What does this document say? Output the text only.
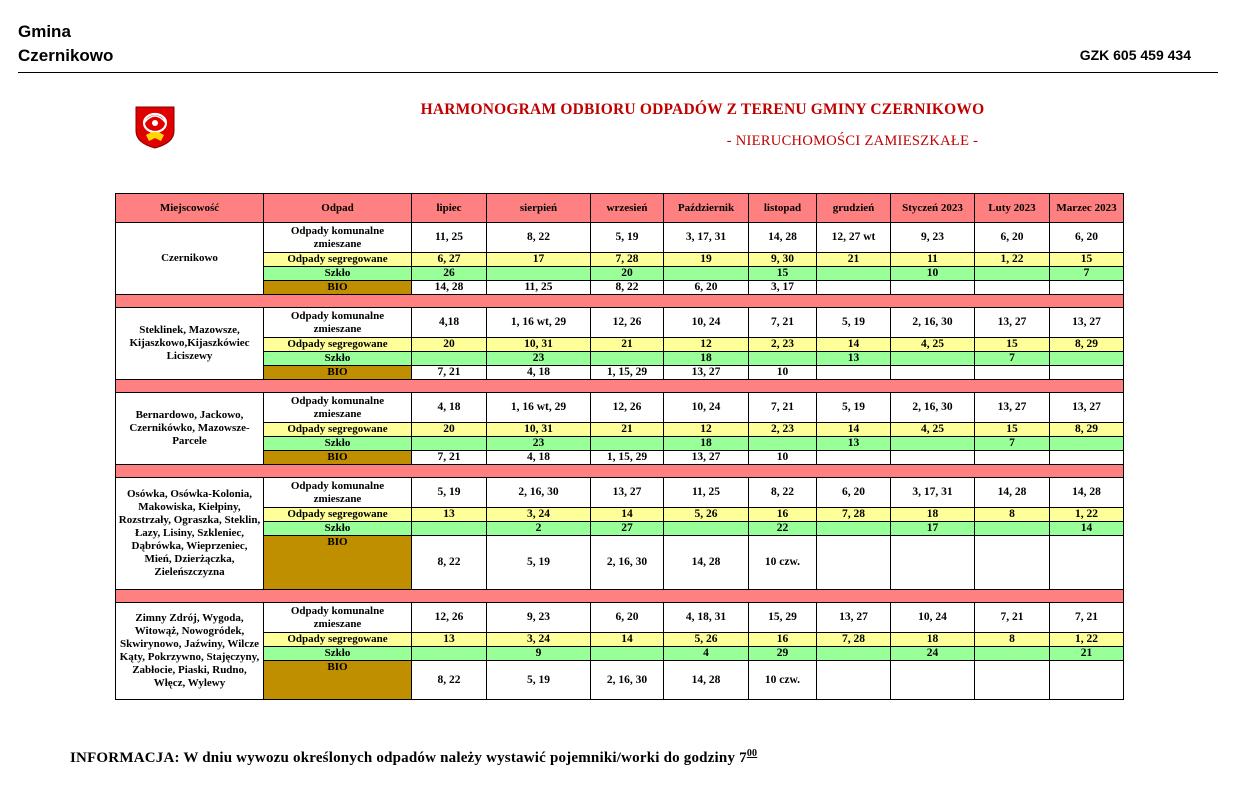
Gmina
Czernikowo	GZK 605 459 434
HARMONOGRAM ODBIORU ODPADÓW Z TERENU GMINY CZERNIKOWO
- NIERUCHOMOŚCI ZAMIESZKAŁE -
Miejscowość	Odpad	lipiec	sierpień	wrzesień	Październik	listopad	grudzień	Styczeń 2023	Luty 2023	Marzec 2023
Czernikowo	Odpady komunalne zmieszane	11, 25	8, 22	5, 19	3, 17, 31	14, 28	12, 27 wt	9, 23	6, 20	6, 20
	Odpady segregowane	6, 27	17	7, 28	19	9, 30	21	11	1, 22	15
	Szkło	26		20		15		10		7
	BIO	14, 28	11, 25	8, 22	6, 20	3, 17				

Steklinek, Mazowsze, Kijaszkowo,Kijaszkówiec Liciszewy	Odpady komunalne zmieszane	4,18	1, 16 wt, 29	12, 26	10, 24	7, 21	5, 19	2, 16, 30	13, 27	13, 27
	Odpady segregowane	20	10, 31	21	12	2, 23	14	4, 25	15	8, 29
	Szkło		23		18		13		7	
	BIO	7, 21	4, 18	1, 15, 29	13, 27	10				

Bernardowo, Jackowo, Czernikówko, Mazowsze-Parcele	Odpady komunalne zmieszane	4, 18	1, 16 wt, 29	12, 26	10, 24	7, 21	5, 19	2, 16, 30	13, 27	13, 27
	Odpady segregowane	20	10, 31	21	12	2, 23	14	4, 25	15	8, 29
	Szkło		23		18		13		7	
	BIO	7, 21	4, 18	1, 15, 29	13, 27	10				

Osówka, Osówka-Kolonia, Makowiska, Kiełpiny, Rozstrzały, Ograszka, Steklin, Łazy, Lisiny, Szkleniec, Dąbrówka, Wieprzeniec, Mień, Dzierżączka, Zieleńszczyzna	Odpady komunalne zmieszane	5, 19	2, 16, 30	13, 27	11, 25	8, 22	6, 20	3, 17, 31	14, 28	14, 28
	Odpady segregowane	13	3, 24	14	5, 26	16	7, 28	18	8	1, 22
	Szkło		2	27		22		17		14
	BIO	8, 22	5, 19	2, 16, 30	14, 28	10 czw.				

Zimny Zdrój, Wygoda, Witowąż, Nowogródek, Skwirynowo, Jaźwiny, Wilcze Kąty, Pokrzywno, Stajęczyny, Zabłocie, Piaski, Rudno, Włęcz, Wylewy	Odpady komunalne zmieszane	12, 26	9, 23	6, 20	4, 18, 31	15, 29	13, 27	10, 24	7, 21	7, 21
	Odpady segregowane	13	3, 24	14	5, 26	16	7, 28	18	8	1, 22
	Szkło		9		4	29		24		21
	BIO	8, 22	5, 19	2, 16, 30	14, 28	10 czw.				
INFORMACJA: W dniu wywozu określonych odpadów należy wystawić pojemniki/worki do godziny $7^{00}$
